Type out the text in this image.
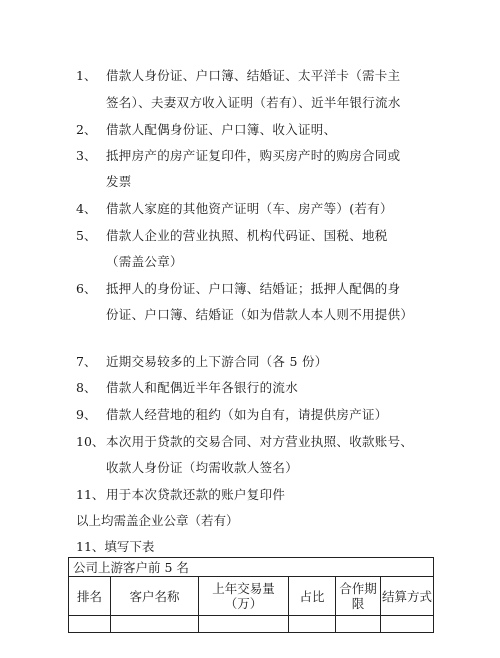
1、 借款人身份证、户口簿、结婚证、太平洋卡（需卡主
签名）、夫妻双方收入证明（若有）、近半年银行流水
2、 借款人配偶身份证、户口簿、收入证明、
3、 抵押房产的房产证复印件，购买房产时的购房合同或
发票
4、 借款人家庭的其他资产证明（车、房产等）(若有）
5、 借款人企业的营业执照、机构代码证、国税、地税
（需盖公章）
6、 抵押人的身份证、户口簿、结婚证；抵押人配偶的身
份证、户口簿、结婚证（如为借款人本人则不用提供）
7、 近期交易较多的上下游合同（各 5 份）
8、 借款人和配偶近半年各银行的流水
9、 借款人经营地的租约（如为自有，请提供房产证）
10、 本次用于贷款的交易合同、对方营业执照、收款账号、
收款人身份证（均需收款人签名）
11、 用于本次贷款还款的账户复印件
以上均需盖企业公章（若有）
11、填写下表
公司上游客户前 5 名					
排名	客户名称	上年交易量（万）	占比	合作期限	结算方式
